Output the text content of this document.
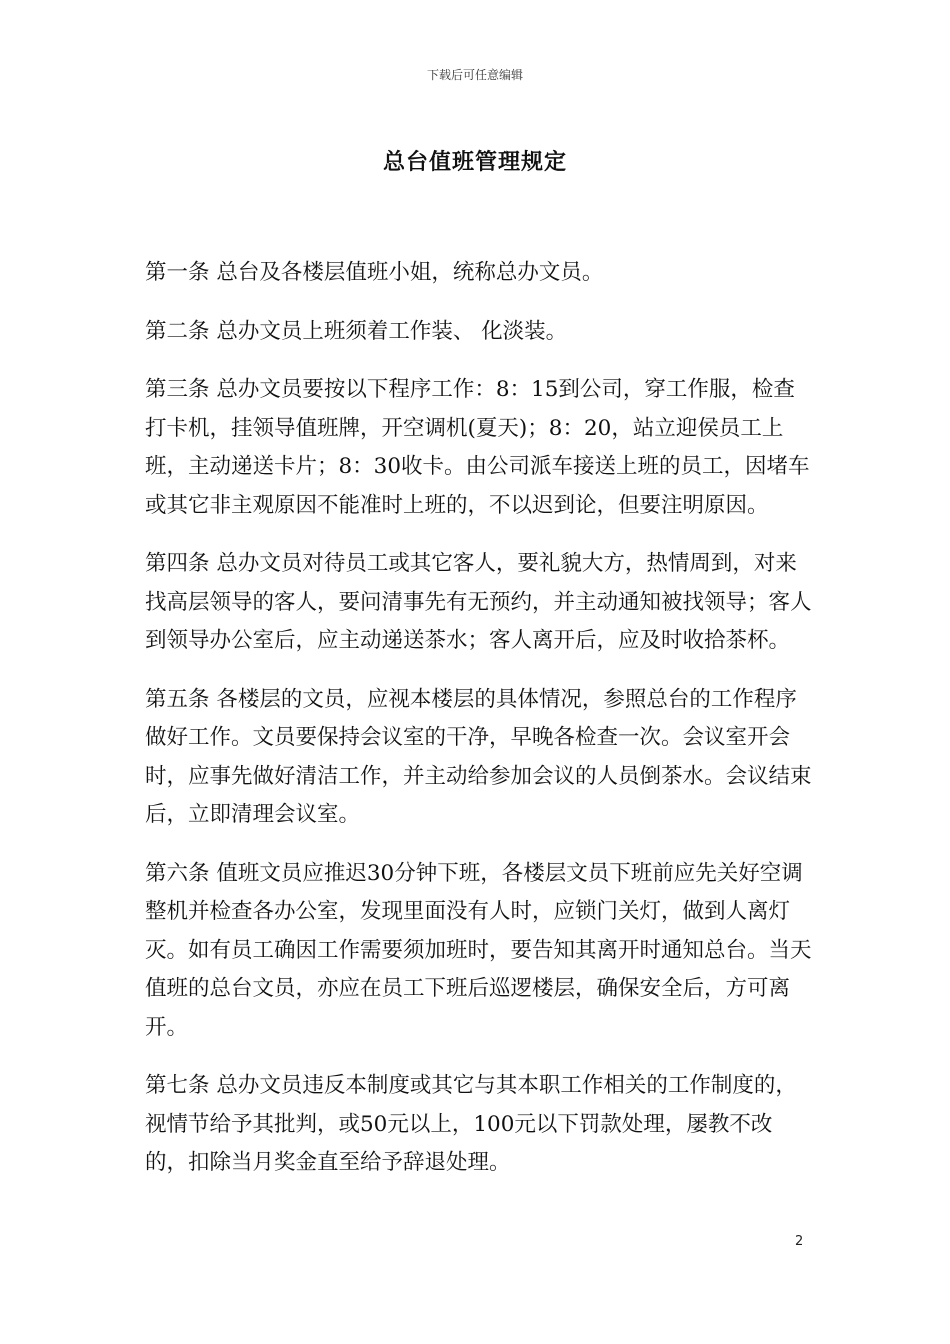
下载后可任意编辑
总台值班管理规定

第一条 总台及各楼层值班小姐，统称总办文员。

第二条 总办文员上班须着工作装、 化淡装。

第三条 总办文员要按以下程序工作：8：15到公司，穿工作服，检查打卡机，挂领导值班牌，开空调机(夏天)；8：20，站立迎侯员工上班，主动递送卡片；8：30收卡。由公司派车接送上班的员工，因堵车或其它非主观原因不能准时上班的，不以迟到论，但要注明原因。

第四条 总办文员对待员工或其它客人，要礼貌大方，热情周到，对来找高层领导的客人，要问清事先有无预约，并主动通知被找领导；客人到领导办公室后，应主动递送茶水；客人离开后，应及时收拾茶杯。

第五条 各楼层的文员，应视本楼层的具体情况，参照总台的工作程序做好工作。文员要保持会议室的干净，早晚各检查一次。会议室开会时，应事先做好清洁工作，并主动给参加会议的人员倒茶水。会议结束后，立即清理会议室。

第六条 值班文员应推迟30分钟下班，各楼层文员下班前应先关好空调整机并检查各办公室，发现里面没有人时，应锁门关灯，做到人离灯灭。如有员工确因工作需要须加班时，要告知其离开时通知总台。当天值班的总台文员，亦应在员工下班后巡逻楼层，确保安全后，方可离开。

第七条 总办文员违反本制度或其它与其本职工作相关的工作制度的，视情节给予其批判，或50元以上，100元以下罚款处理，屡教不改的，扣除当月奖金直至给予辞退处理。

2
